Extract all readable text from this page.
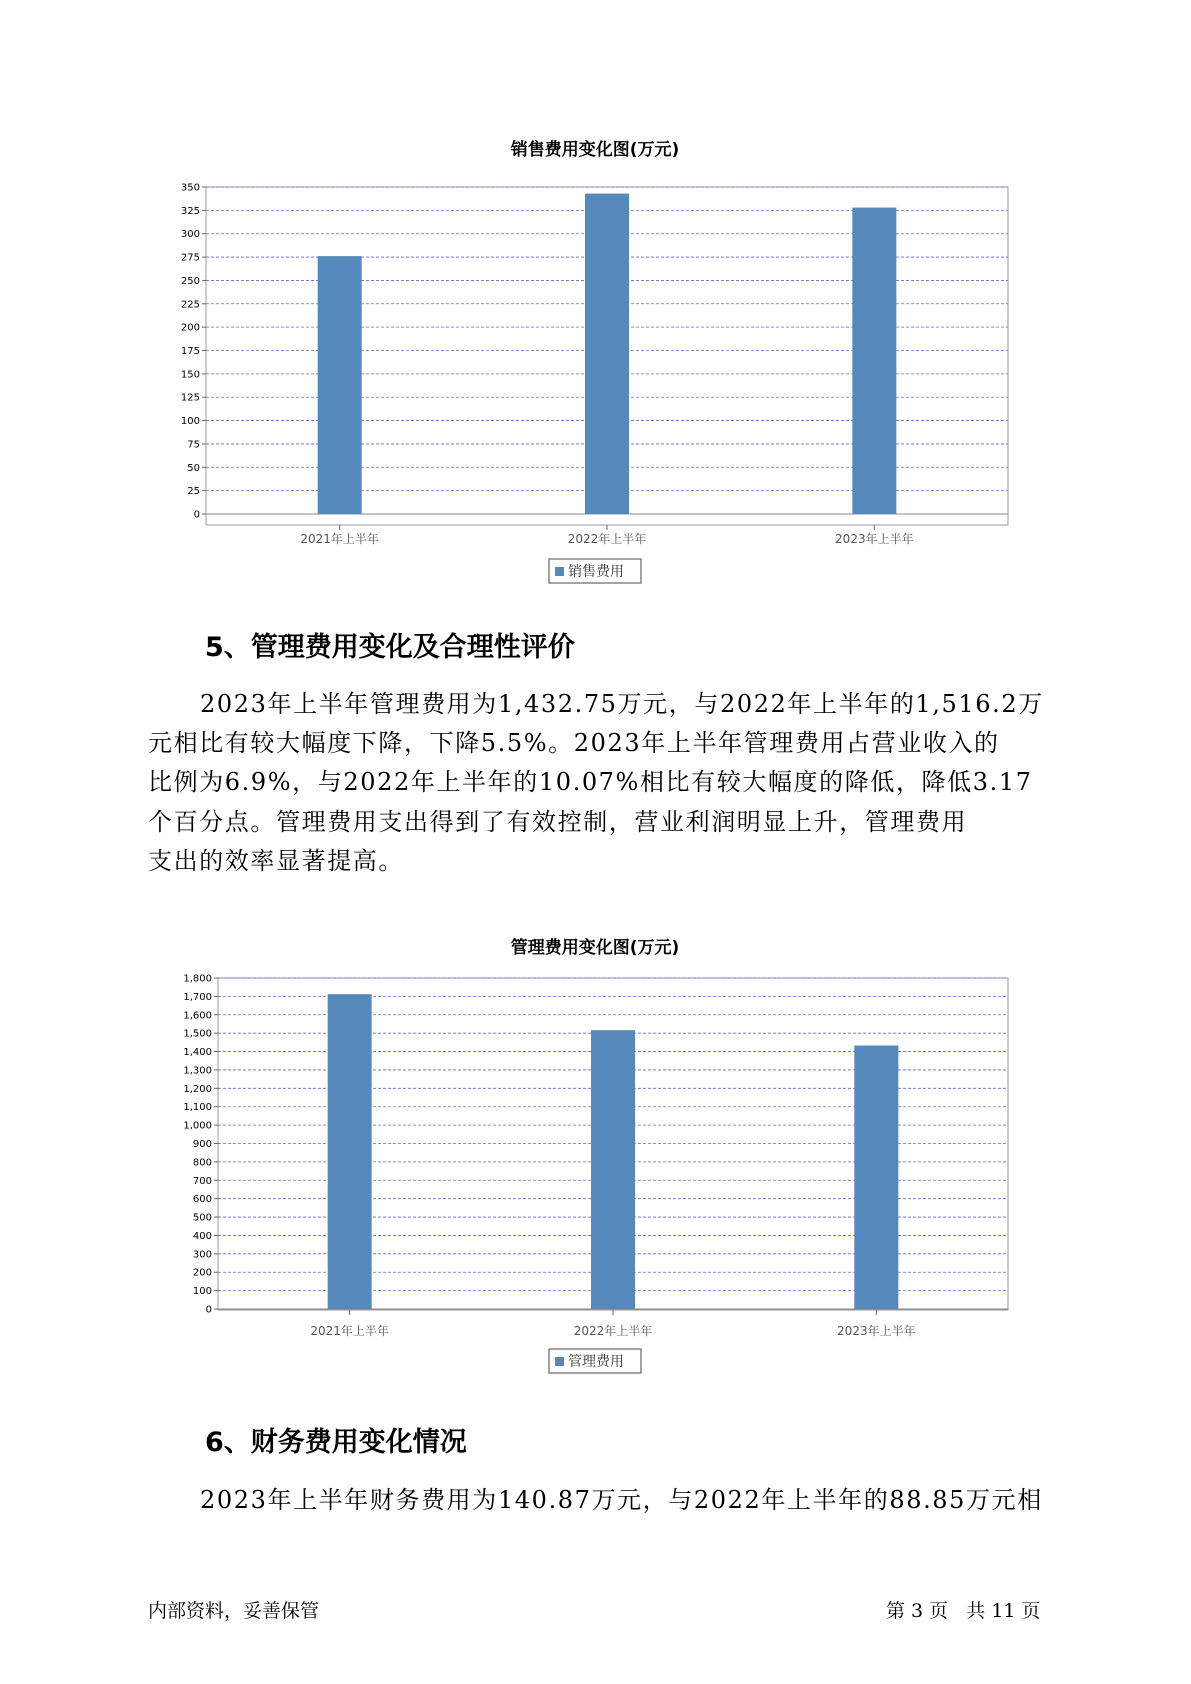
销售费用变化图(万元)
0
25
50
75
100
125
150
175
200
225
250
275
300
325
350
2021年上半年	2022年上半年	2023年上半年
销售费用
5、管理费用变化及合理性评价
2023年上半年管理费用为1,432.75万元，与2022年上半年的1,516.2万
元相比有较大幅度下降，下降5.5%。2023年上半年管理费用占营业收入的
比例为6.9%，与2022年上半年的10.07%相比有较大幅度的降低，降低3.17
个百分点。管理费用支出得到了有效控制，营业利润明显上升，管理费用
支出的效率显著提高。
管理费用变化图(万元)
0
100
200
300
400
500
600
700
800
900
1,000
1,100
1,200
1,300
1,400
1,500
1,600
1,700
1,800
2021年上半年	2022年上半年	2023年上半年
管理费用
6、财务费用变化情况
2023年上半年财务费用为140.87万元，与2022年上半年的88.85万元相
内部资料，妥善保管	第 3 页   共 11 页
